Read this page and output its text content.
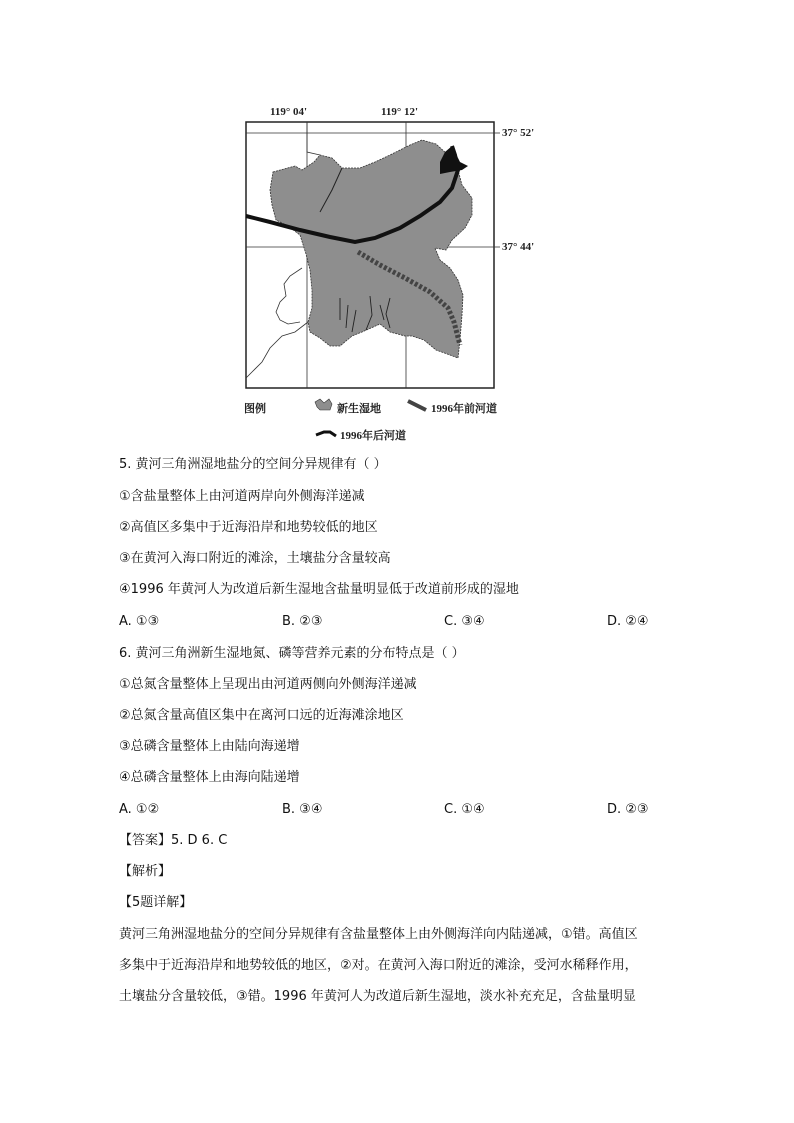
119° 04'	119° 12'
37° 52'
37° 44'
图例	新生湿地	1996年前河道
1996年后河道
5. 黄河三角洲湿地盐分的空间分异规律有（ ）
①含盐量整体上由河道两岸向外侧海洋递减
②高值区多集中于近海沿岸和地势较低的地区
③在黄河入海口附近的滩涂，土壤盐分含量较高
④1996 年黄河人为改道后新生湿地含盐量明显低于改道前形成的湿地
A. ①③	B. ②③	C. ③④	D. ②④
6. 黄河三角洲新生湿地氮、磷等营养元素的分布特点是（ ）
①总氮含量整体上呈现出由河道两侧向外侧海洋递减
②总氮含量高值区集中在离河口远的近海滩涂地区
③总磷含量整体上由陆向海递增
④总磷含量整体上由海向陆递增
A. ①②	B. ③④	C. ①④	D. ②③
【答案】5. D 6. C
【解析】
【5题详解】
黄河三角洲湿地盐分的空间分异规律有含盐量整体上由外侧海洋向内陆递减，①错。高值区
多集中于近海沿岸和地势较低的地区，②对。在黄河入海口附近的滩涂，受河水稀释作用，
土壤盐分含量较低，③错。1996 年黄河人为改道后新生湿地，淡水补充充足，含盐量明显
